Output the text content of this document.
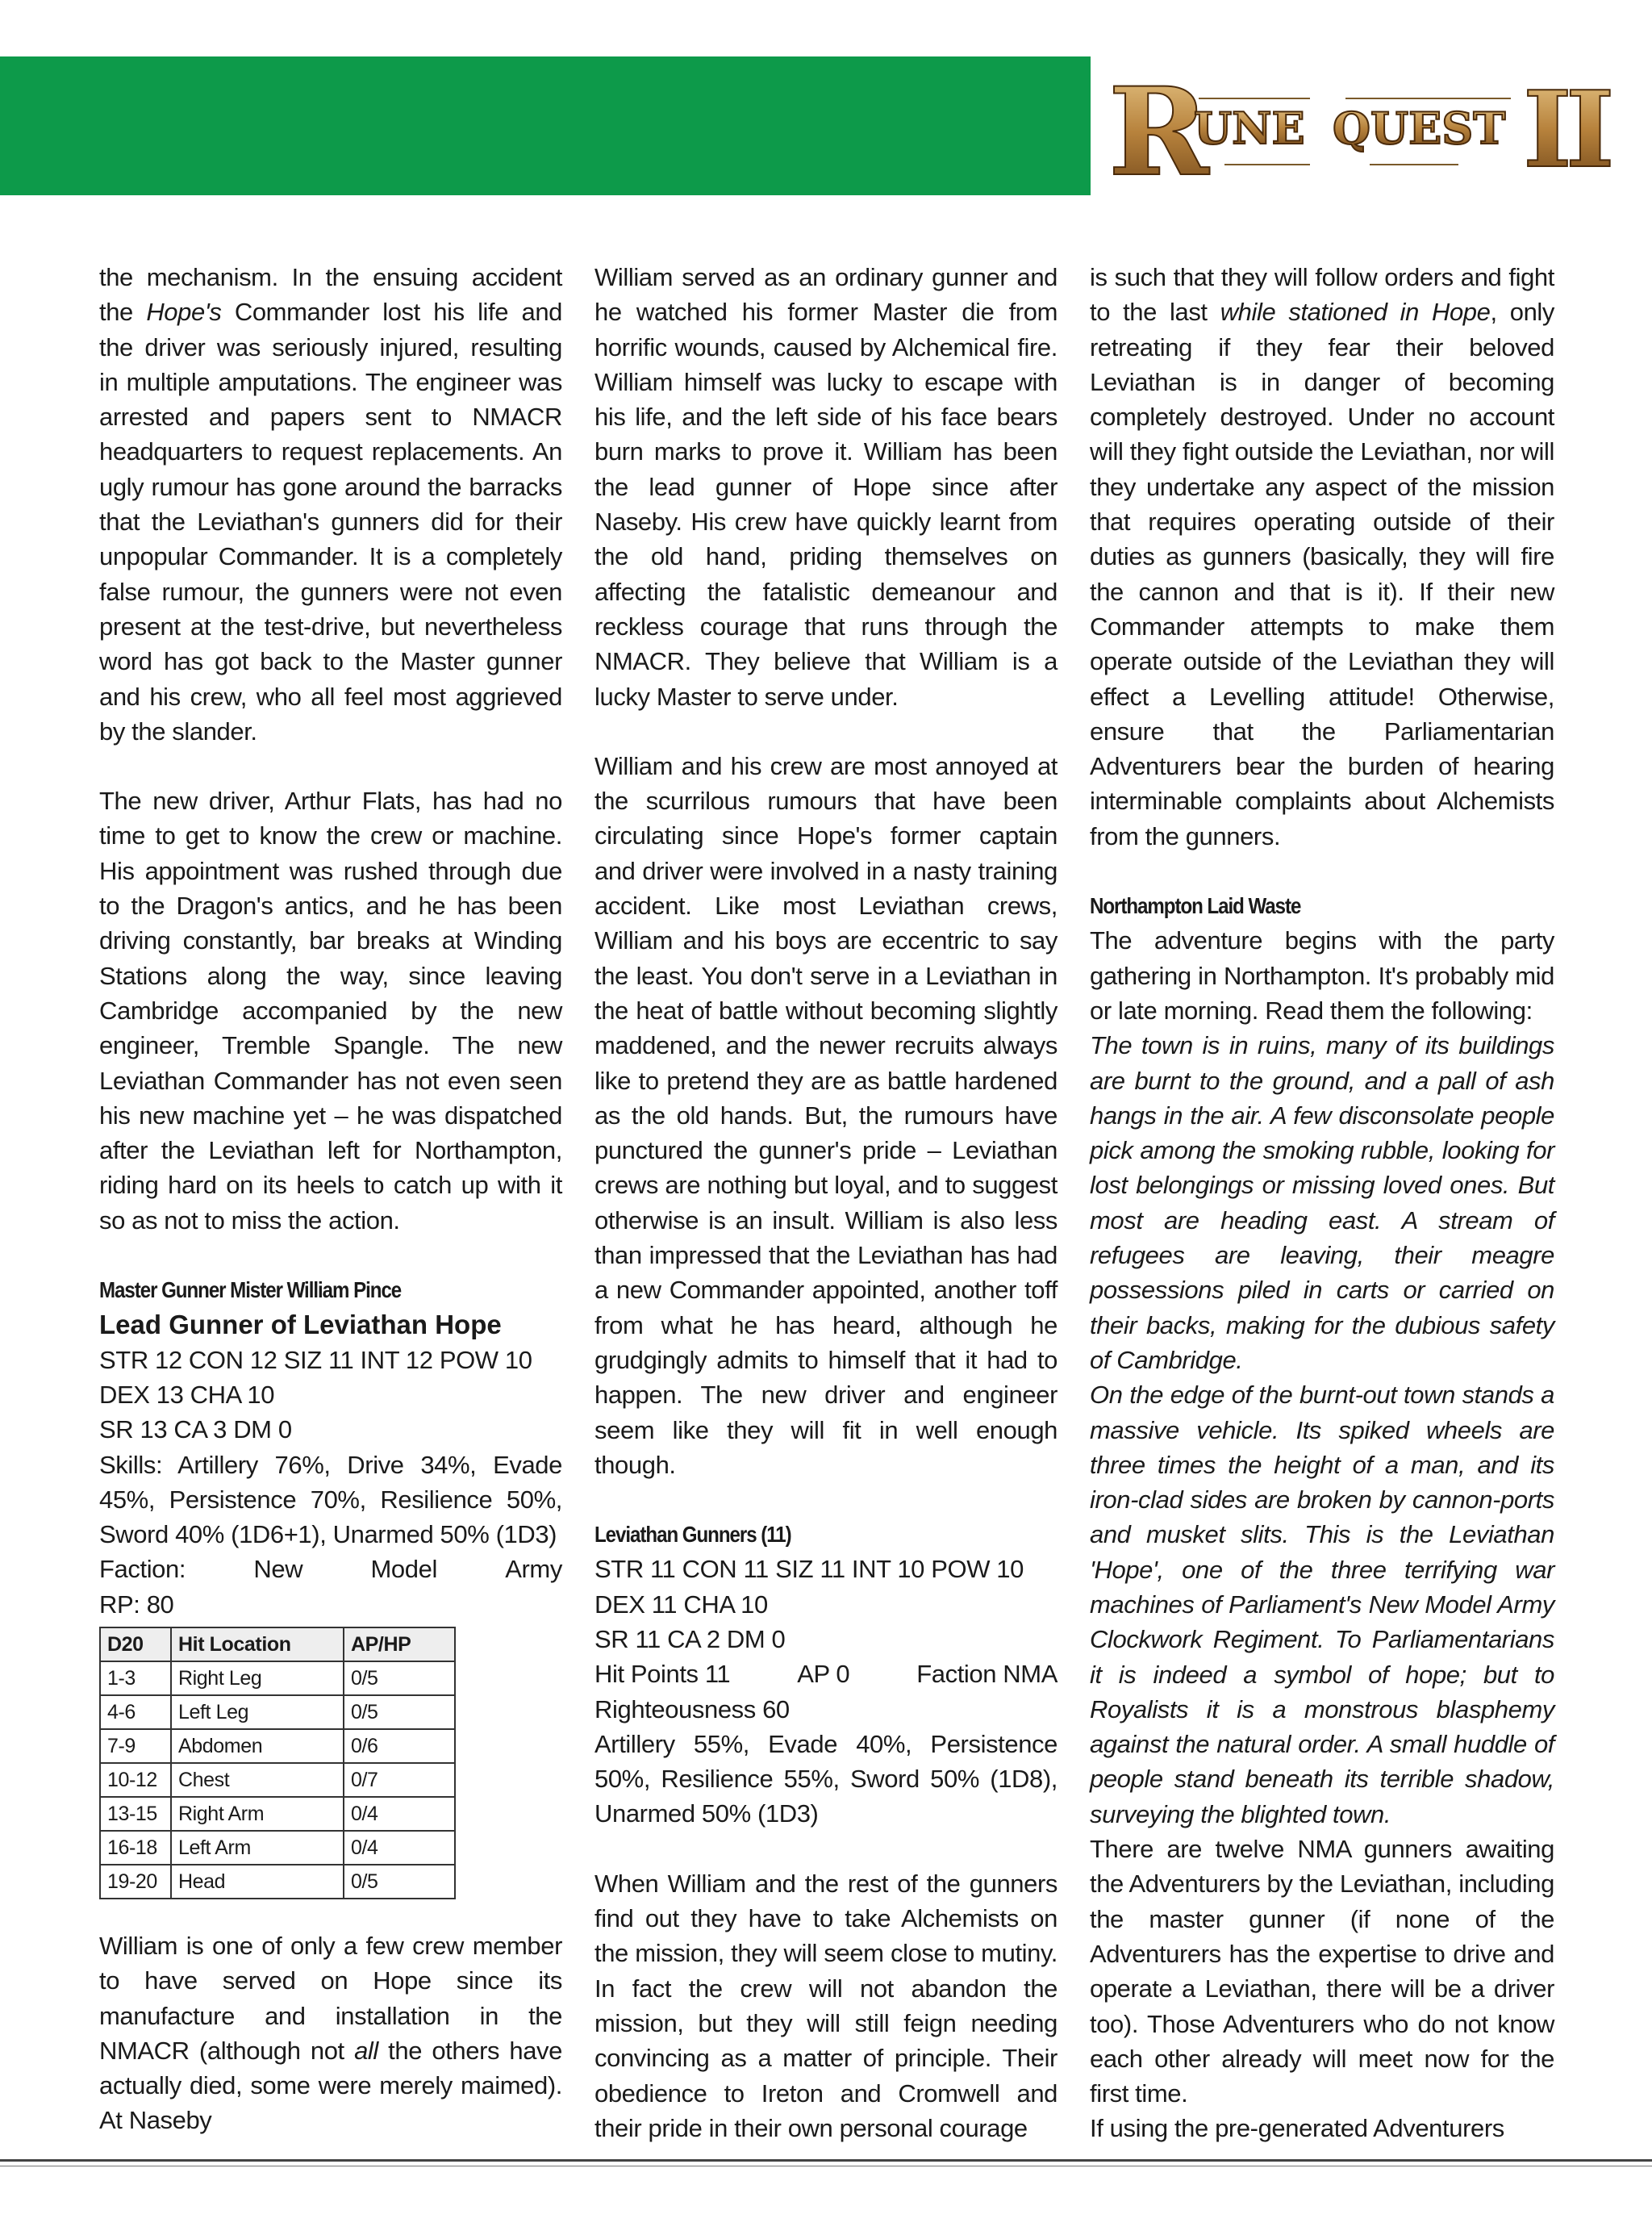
R
UNE QUEST II

the mechanism. In the ensuing accident the Hope's Commander lost his life and the driver was seriously injured, resulting in multiple amputations. The engineer was arrested and papers sent to NMACR headquarters to request replacements. An ugly rumour has gone around the barracks that the Leviathan's gunners did for their unpopular Commander. It is a completely false rumour, the gunners were not even present at the test-drive, but nevertheless word has got back to the Master gunner and his crew, who all feel most aggrieved by the slander.

The new driver, Arthur Flats, has had no time to get to know the crew or machine. His appointment was rushed through due to the Dragon's antics, and he has been driving constantly, bar breaks at Winding Stations along the way, since leaving Cambridge accompanied by the new engineer, Tremble Spangle. The new Leviathan Commander has not even seen his new machine yet – he was dispatched after the Leviathan left for Northampton, riding hard on its heels to catch up with it so as not to miss the action.

Master Gunner Mister William Pince

Lead Gunner of Leviathan Hope

STR 12 CON 12 SIZ 11 INT 12 POW 10 DEX 13 CHA 10

SR 13 CA 3 DM 0

Skills: Artillery 76%, Drive 34%, Evade 45%, Persistence 70%, Resilience 50%, Sword 40% (1D6+1), Unarmed 50% (1D3)

Faction:	New	Model	Army

RP: 80

D20	Hit Location	AP/HP
1-3	Right Leg	0/5
4-6	Left Leg	0/5
7-9	Abdomen	0/6
10-12	Chest	0/7
13-15	Right Arm	0/4
16-18	Left Arm	0/4
19-20	Head	0/5

William is one of only a few crew member to have served on Hope since its manufacture and installation in the NMACR (although not all the others have actually died, some were merely maimed). At Naseby

William served as an ordinary gunner and he watched his former Master die from horrific wounds, caused by Alchemical fire. William himself was lucky to escape with his life, and the left side of his face bears burn marks to prove it. William has been the lead gunner of Hope since after Naseby. His crew have quickly learnt from the old hand, priding themselves on affecting the fatalistic demeanour and reckless courage that runs through the NMACR. They believe that William is a lucky Master to serve under.

William and his crew are most annoyed at the scurrilous rumours that have been circulating since Hope's former captain and driver were involved in a nasty training accident. Like most Leviathan crews, William and his boys are eccentric to say the least. You don't serve in a Leviathan in the heat of battle without becoming slightly maddened, and the newer recruits always like to pretend they are as battle hardened as the old hands. But, the rumours have punctured the gunner's pride – Leviathan crews are nothing but loyal, and to suggest otherwise is an insult. William is also less than impressed that the Leviathan has had a new Commander appointed, another toff from what he has heard, although he grudgingly admits to himself that it had to happen. The new driver and engineer seem like they will fit in well enough though.

Leviathan Gunners (11)

STR 11 CON 11 SIZ 11 INT 10 POW 10 DEX 11 CHA 10

SR 11 CA 2 DM 0

Hit Points 11	AP 0	Faction NMA

Righteousness 60

Artillery 55%, Evade 40%, Persistence 50%, Resilience 55%, Sword 50% (1D8), Unarmed 50% (1D3)

When William and the rest of the gunners find out they have to take Alchemists on the mission, they will seem close to mutiny. In fact the crew will not abandon the mission, but they will still feign needing convincing as a matter of principle. Their obedience to Ireton and Cromwell and their pride in their own personal courage

is such that they will follow orders and fight to the last while stationed in Hope, only retreating if they fear their beloved Leviathan is in danger of becoming completely destroyed. Under no account will they fight outside the Leviathan, nor will they undertake any aspect of the mission that requires operating outside of their duties as gunners (basically, they will fire the cannon and that is it). If their new Commander attempts to make them operate outside of the Leviathan they will effect a Levelling attitude! Otherwise, ensure that the Parliamentarian Adventurers bear the burden of hearing interminable complaints about Alchemists from the gunners.

Northampton Laid Waste

The adventure begins with the party gathering in Northampton. It's probably mid or late morning. Read them the following:

The town is in ruins, many of its buildings are burnt to the ground, and a pall of ash hangs in the air. A few disconsolate people pick among the smoking rubble, looking for lost belongings or missing loved ones. But most are heading east. A stream of refugees are leaving, their meagre possessions piled in carts or carried on their backs, making for the dubious safety of Cambridge.

On the edge of the burnt-out town stands a massive vehicle. Its spiked wheels are three times the height of a man, and its iron-clad sides are broken by cannon-ports and musket slits. This is the Leviathan 'Hope', one of the three terrifying war machines of Parliament's New Model Army Clockwork Regiment. To Parliamentarians it is indeed a symbol of hope; but to Royalists it is a monstrous blasphemy against the natural order. A small huddle of people stand beneath its terrible shadow, surveying the blighted town.

There are twelve NMA gunners awaiting the Adventurers by the Leviathan, including the master gunner (if none of the Adventurers has the expertise to drive and operate a Leviathan, there will be a driver too). Those Adventurers who do not know each other already will meet now for the first time.

If using the pre-generated Adventurers
